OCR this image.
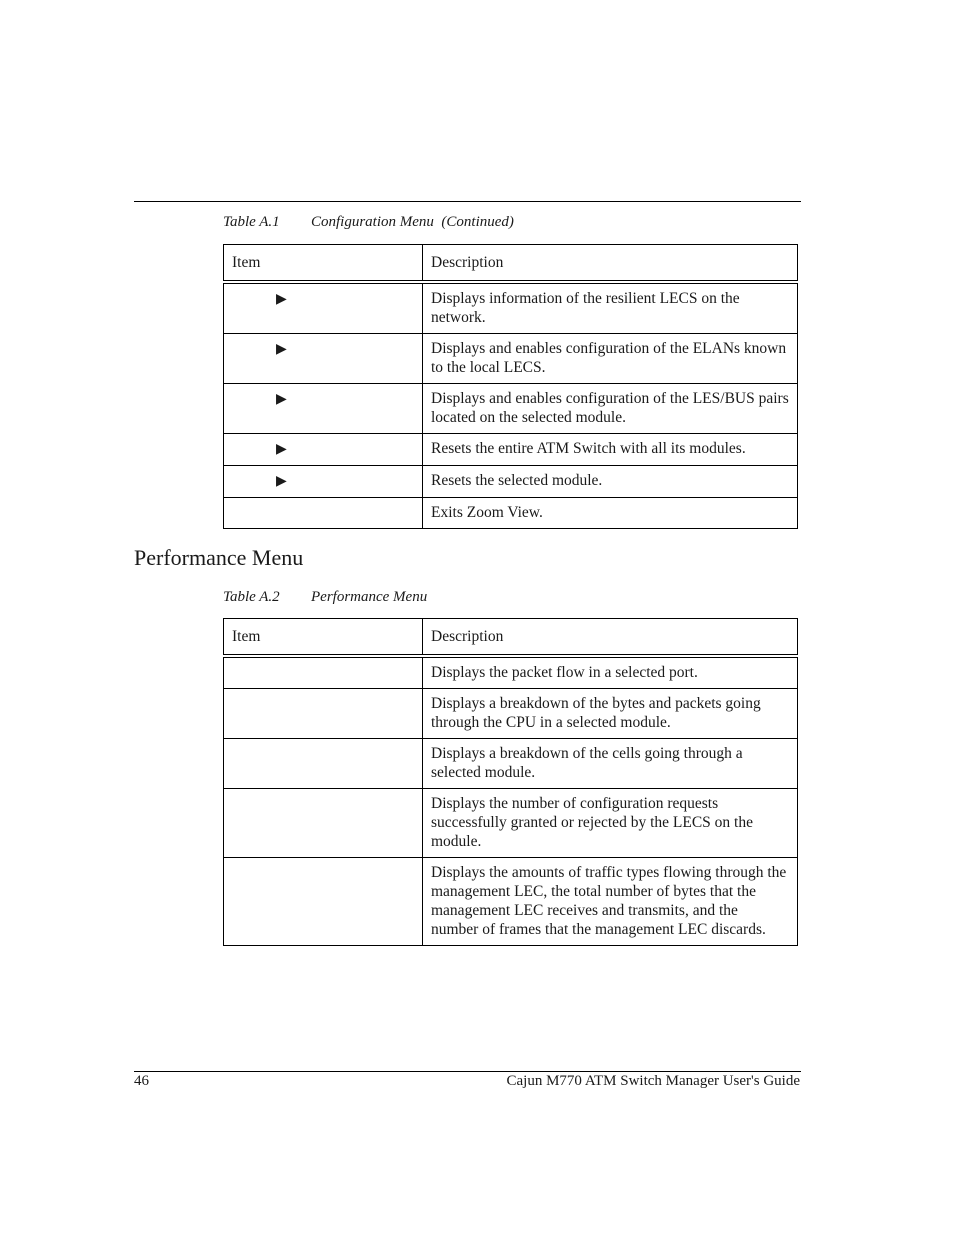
Table A.1 Configuration Menu  (Continued)
Item	Description
▶	Displays information of the resilient LECS on the network.
▶	Displays and enables configuration of the ELANs known to the local LECS.
▶	Displays and enables configuration of the LES/BUS pairs located on the selected module.
▶	Resets the entire ATM Switch with all its modules.
▶	Resets the selected module.
	Exits Zoom View.
Performance Menu
Table A.2 Performance Menu
Item	Description
	Displays the packet flow in a selected port.
	Displays a breakdown of the bytes and packets going through the CPU in a selected module.
	Displays a breakdown of the cells going through a selected module.
	Displays the number of configuration requests successfully granted or rejected by the LECS on the module.
	Displays the amounts of traffic types flowing through the management LEC, the total number of bytes that the management LEC receives and transmits, and the number of frames that the management LEC discards.
46	Cajun M770 ATM Switch Manager User's Guide
